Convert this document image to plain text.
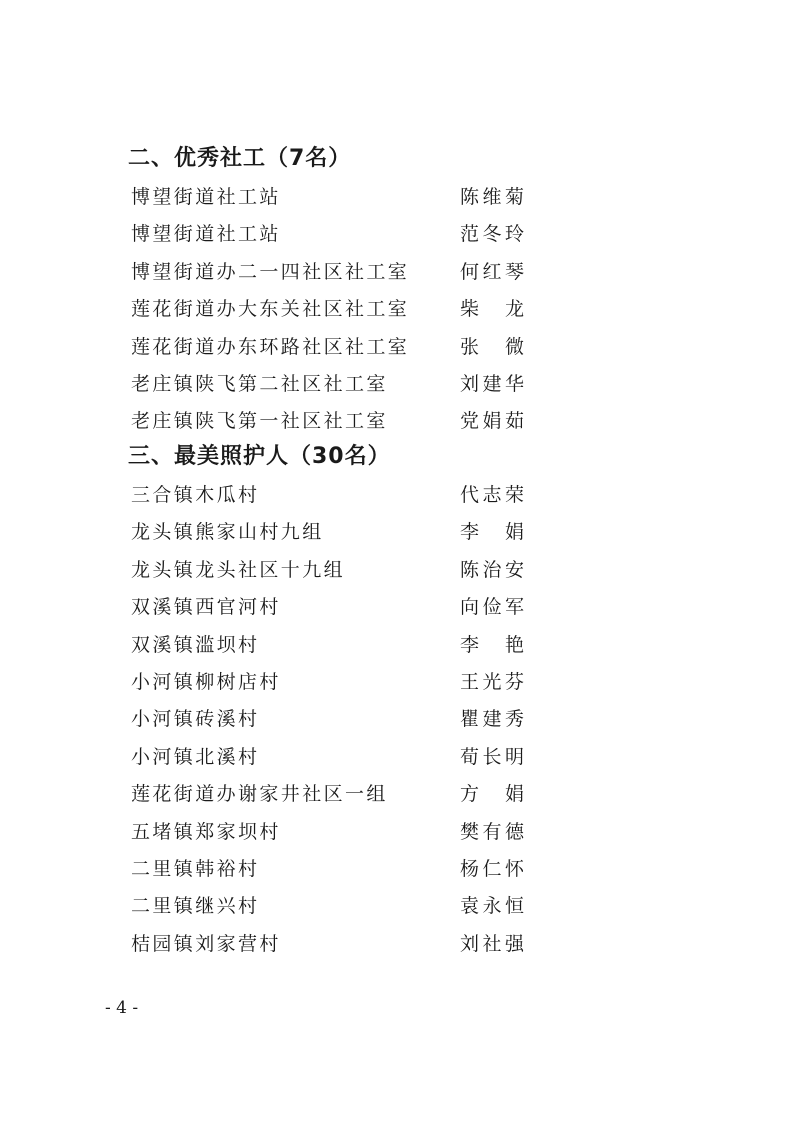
二、优秀社工（7名）
博望街道社工站	陈维菊
博望街道社工站	范冬玲
博望街道办二一四社区社工室	何红琴
莲花街道办大东关社区社工室	柴 龙
莲花街道办东环路社区社工室	张 微
老庄镇陕飞第二社区社工室	刘建华
老庄镇陕飞第一社区社工室	党娟茹
三、最美照护人（30名）
三合镇木瓜村	代志荣
龙头镇熊家山村九组	李 娟
龙头镇龙头社区十九组	陈治安
双溪镇西官河村	向俭军
双溪镇滥坝村	李 艳
小河镇柳树店村	王光芬
小河镇砖溪村	瞿建秀
小河镇北溪村	荀长明
莲花街道办谢家井社区一组	方 娟
五堵镇郑家坝村	樊有德
二里镇韩裕村	杨仁怀
二里镇继兴村	袁永恒
桔园镇刘家营村	刘社强
- 4 -
